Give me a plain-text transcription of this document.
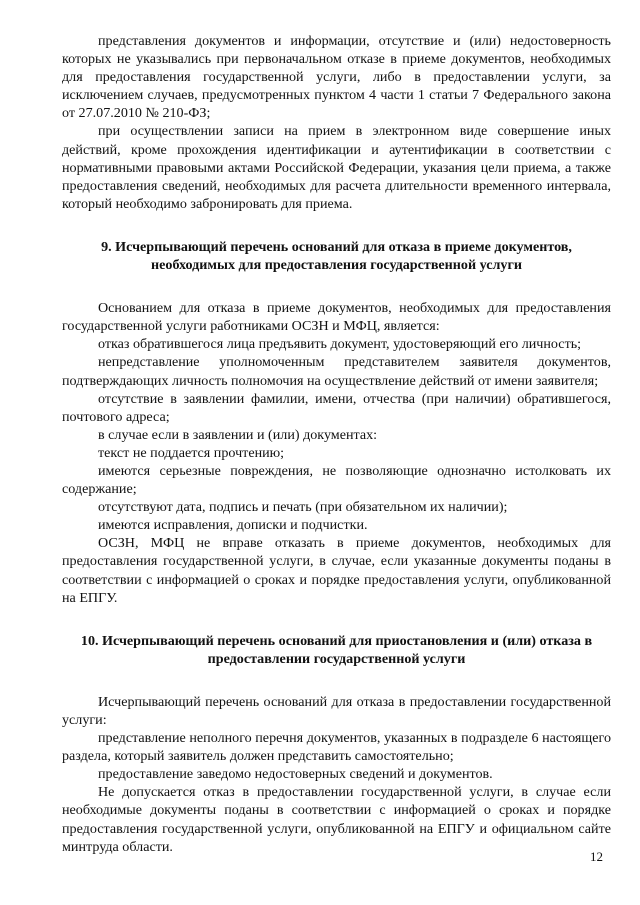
представления документов и информации, отсутствие и (или) недостоверность которых не указывались при первоначальном отказе в приеме документов, необходимых для предоставления государственной услуги, либо в предоставлении услуги, за исключением случаев, предусмотренных пунктом 4 части 1 статьи 7 Федерального закона от 27.07.2010 № 210-ФЗ;

при осуществлении записи на прием в электронном виде совершение иных действий, кроме прохождения идентификации и аутентификации в соответствии с нормативными правовыми актами Российской Федерации, указания цели приема, а также предоставления сведений, необходимых для расчета длительности временного интервала, который необходимо забронировать для приема.

9. Исчерпывающий перечень оснований для отказа в приеме документов, необходимых для предоставления государственной услуги

Основанием для отказа в приеме документов, необходимых для предоставления государственной услуги работниками ОСЗН и МФЦ, является:

отказ обратившегося лица предъявить документ, удостоверяющий его личность;

непредставление уполномоченным представителем заявителя документов, подтверждающих личность полномочия на осуществление действий от имени заявителя;

отсутствие в заявлении фамилии, имени, отчества (при наличии) обратившегося, почтового адреса;

в случае если в заявлении и (или) документах:

текст не поддается прочтению;

имеются серьезные повреждения, не позволяющие однозначно истолковать их содержание;

отсутствуют дата, подпись и печать (при обязательном их наличии);

имеются исправления, дописки и подчистки.

ОСЗН, МФЦ не вправе отказать в приеме документов, необходимых для предоставления государственной услуги, в случае, если указанные документы поданы в соответствии с информацией о сроках и порядке предоставления услуги, опубликованной на ЕПГУ.

10. Исчерпывающий перечень оснований для приостановления и (или) отказа в предоставлении государственной услуги

Исчерпывающий перечень оснований для отказа в предоставлении государственной услуги:

представление неполного перечня документов, указанных в подразделе 6 настоящего раздела, который заявитель должен представить самостоятельно;

предоставление заведомо недостоверных сведений и документов.

Не допускается отказ в предоставлении государственной услуги, в случае если необходимые документы поданы в соответствии с информацией о сроках и порядке предоставления государственной услуги, опубликованной на ЕПГУ и официальном сайте минтруда области.

12
